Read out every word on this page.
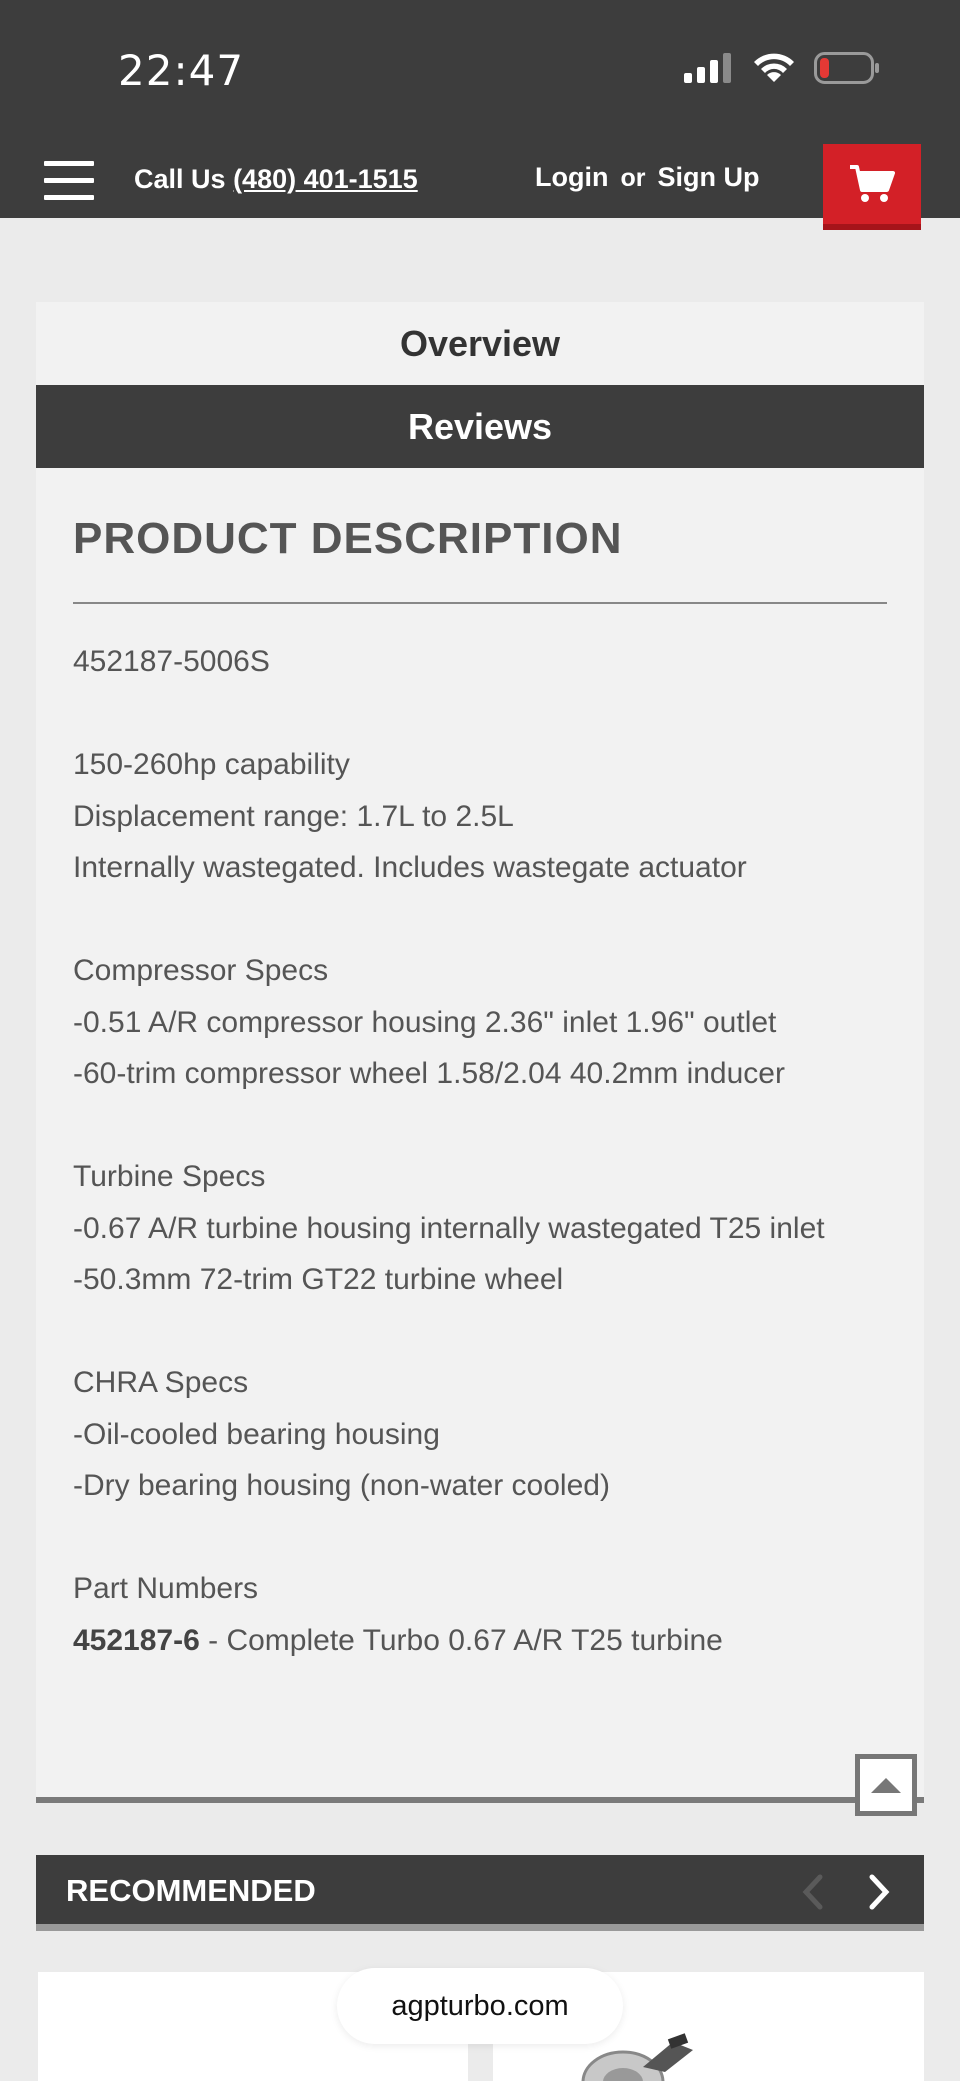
22:47
Call Us (480) 401-1515	Login or Sign Up
Overview
Reviews
PRODUCT DESCRIPTION
452187-5006S
150-260hp capability
Displacement range: 1.7L to 2.5L
Internally wastegated. Includes wastegate actuator
Compressor Specs
-0.51 A/R compressor housing 2.36" inlet 1.96" outlet
-60-trim compressor wheel 1.58/2.04 40.2mm inducer
Turbine Specs
-0.67 A/R turbine housing internally wastegated T25 inlet
-50.3mm 72-trim GT22 turbine wheel
CHRA Specs
-Oil-cooled bearing housing
-Dry bearing housing (non-water cooled)
Part Numbers
452187-6 - Complete Turbo 0.67 A/R T25 turbine
RECOMMENDED
agpturbo.com
